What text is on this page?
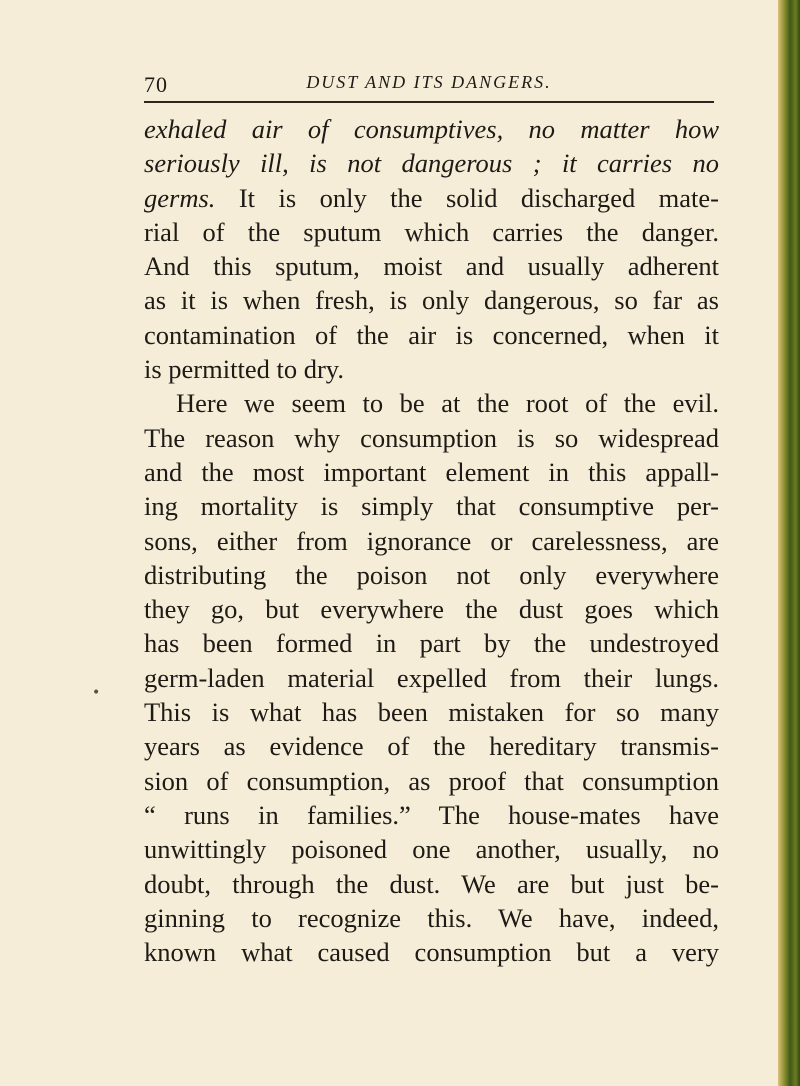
70	DUST AND ITS DANGERS.
•
exhaled air of consumptives, no matter how
seriously ill, is not dangerous ; it carries no
germs. It is only the solid discharged mate-
rial of the sputum which carries the danger.
And this sputum, moist and usually adherent
as it is when fresh, is only dangerous, so far as
contamination of the air is concerned, when it
is permitted to dry.
Here we seem to be at the root of the evil.
The reason why consumption is so widespread
and the most important element in this appall-
ing mortality is simply that consumptive per-
sons, either from ignorance or carelessness, are
distributing the poison not only everywhere
they go, but everywhere the dust goes which
has been formed in part by the undestroyed
germ-laden material expelled from their lungs.
This is what has been mistaken for so many
years as evidence of the hereditary transmis-
sion of consumption, as proof that consumption
“ runs in families.” The house-mates have
unwittingly poisoned one another, usually, no
doubt, through the dust. We are but just be-
ginning to recognize this. We have, indeed,
known what caused consumption but a very
